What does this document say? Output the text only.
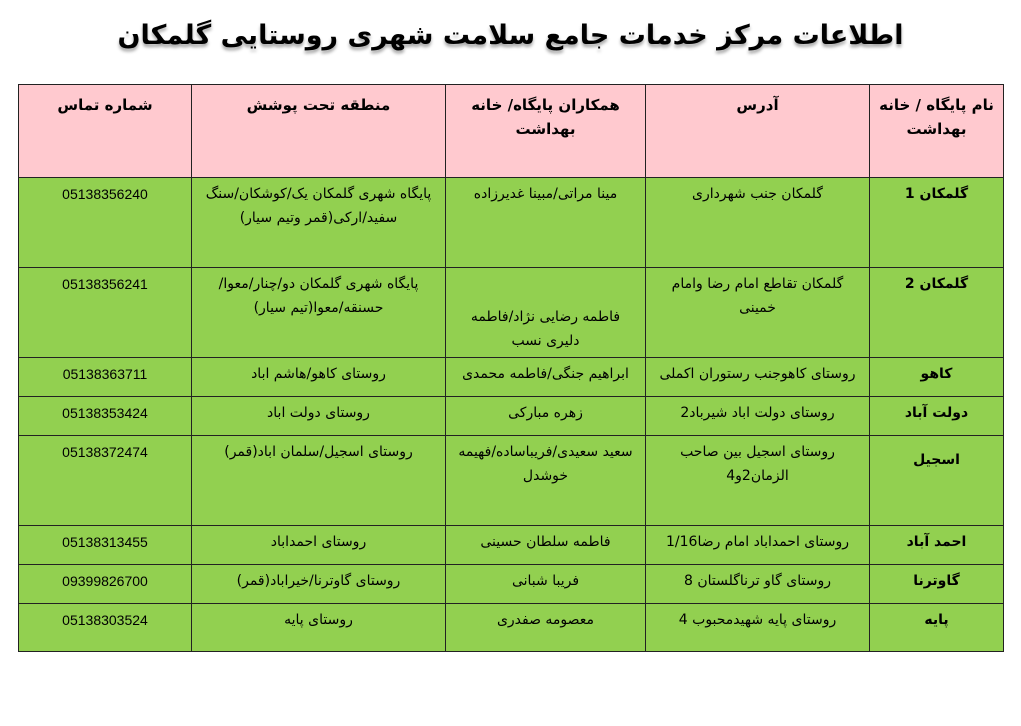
اطلاعات مرکز خدمات جامع سلامت شهری روستایی گلمکان
نام پایگاه / خانه بهداشت	آدرس	همکاران پایگاه/ خانه بهداشت	منطقه تحت پوشش	شماره تماس
گلمکان 1	گلمکان جنب شهرداری	مینا مراتی/مبینا غدیرزاده	پایگاه شهری گلمکان یک/کوشکان/سنگ سفید/ارکی(قمر وتیم سیار)	05138356240
گلمکان 2	گلمکان تقاطع امام رضا وامام خمینی	فاطمه رضایی نژاد/فاطمه دلیری نسب	پایگاه شهری گلمکان دو/چنار/معوا/حسنقه/معوا(تیم سیار)	05138356241
کاهو	روستای کاهوجنب رستوران اکملی	ابراهیم جنگی/فاطمه محمدی	روستای کاهو/هاشم اباد	05138363711
دولت آباد	روستای دولت اباد شیرباد2	زهره مبارکی	روستای دولت اباد	05138353424
اسجیل	روستای اسجیل بین صاحب الزمان2و4	سعید سعیدی/فریباساده/فهیمه خوشدل	روستای اسجیل/سلمان اباد(قمر)	05138372474
احمد آباد	روستای احمداباد امام رضا1/16	فاطمه سلطان حسینی	روستای احمداباد	05138313455
گاوترنا	روستای گاو ترناگلستان 8	فریبا شبانی	روستای گاوترنا/خیراباد(قمر)	09399826700
پایه	روستای پایه شهیدمحبوب 4	معصومه صفدری	روستای پایه	05138303524
